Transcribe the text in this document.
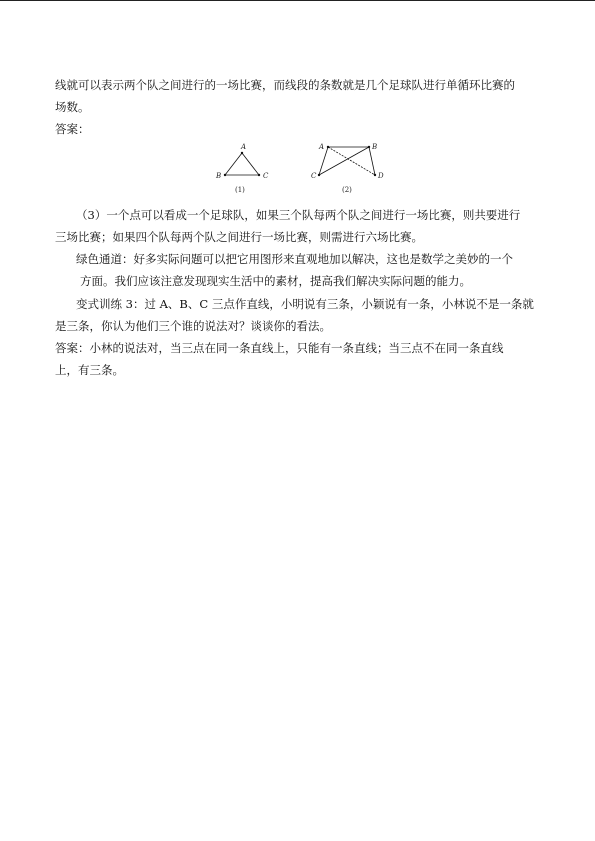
线就可以表示两个队之间进行的一场比赛，而线段的条数就是几个足球队进行单循环比赛的
场数。
答案：
A
B	C
(1)
A	B
C	D
(2)
（3）一个点可以看成一个足球队，如果三个队每两个队之间进行一场比赛，则共要进行
三场比赛；如果四个队每两个队之间进行一场比赛，则需进行六场比赛。
绿色通道：好多实际问题可以把它用图形来直观地加以解决，这也是数学之美妙的一个
方面。我们应该注意发现现实生活中的素材，提高我们解决实际问题的能力。
变式训练 3：过 A、B、C 三点作直线，小明说有三条，小颖说有一条，小林说不是一条就
是三条，你认为他们三个谁的说法对？谈谈你的看法。
答案：小林的说法对，当三点在同一条直线上，只能有一条直线；当三点不在同一条直线
上，有三条。
